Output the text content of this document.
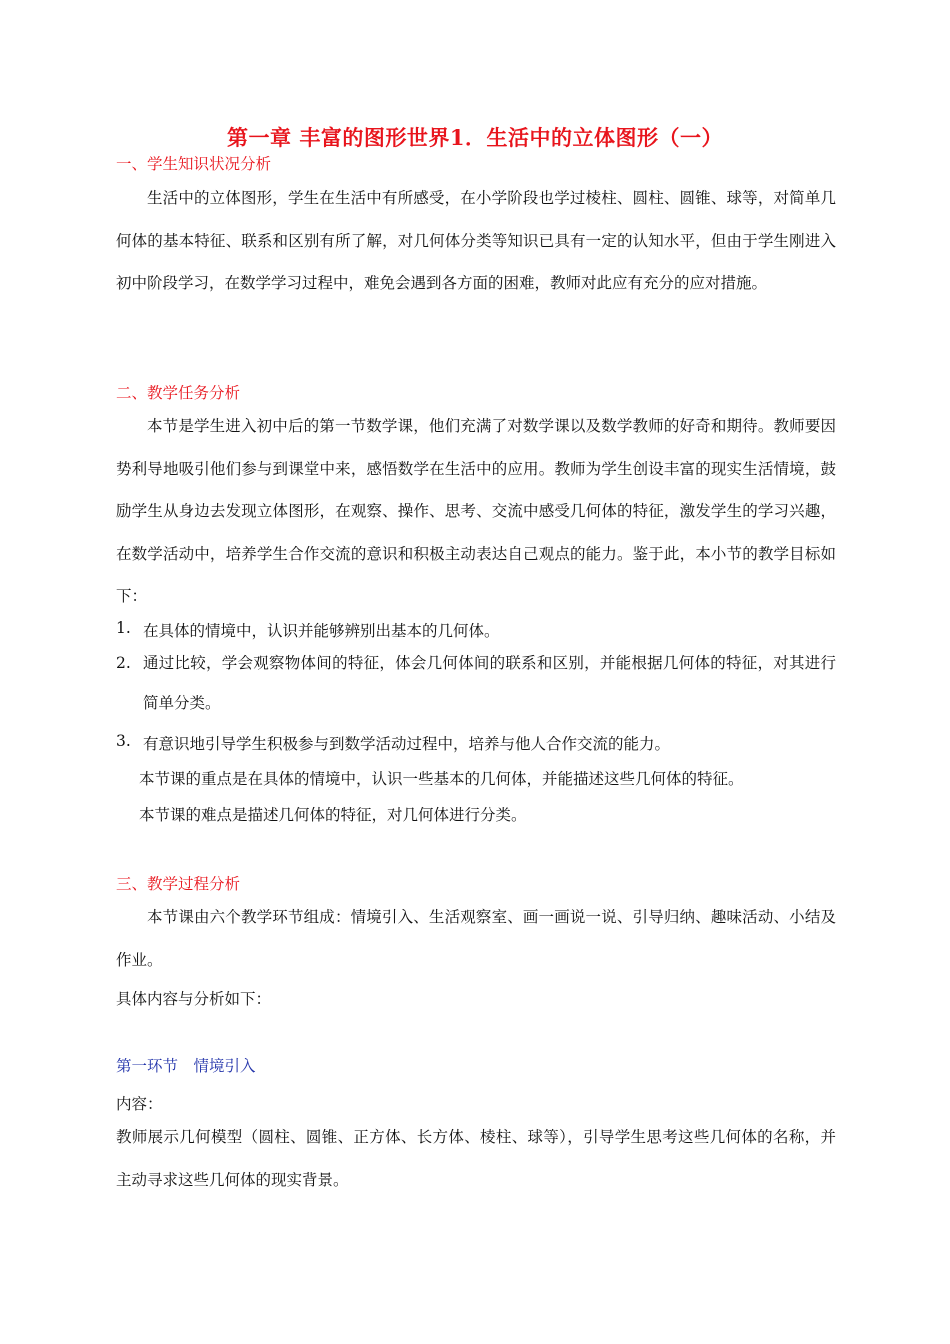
第一章 丰富的图形世界1．生活中的立体图形（一）
一、学生知识状况分析

生活中的立体图形，学生在生活中有所感受，在小学阶段也学过棱柱、圆柱、圆锥、球等，对简单几何体的基本特征、联系和区别有所了解，对几何体分类等知识已具有一定的认知水平，但由于学生刚进入初中阶段学习，在数学学习过程中，难免会遇到各方面的困难，教师对此应有充分的应对措施。

二、教学任务分析

本节是学生进入初中后的第一节数学课，他们充满了对数学课以及数学教师的好奇和期待。教师要因势利导地吸引他们参与到课堂中来，感悟数学在生活中的应用。教师为学生创设丰富的现实生活情境，鼓励学生从身边去发现立体图形，在观察、操作、思考、交流中感受几何体的特征，激发学生的学习兴趣，在数学活动中，培养学生合作交流的意识和积极主动表达自己观点的能力。鉴于此，本小节的教学目标如下：

1. 在具体的情境中，认识并能够辨别出基本的几何体。
2. 通过比较，学会观察物体间的特征，体会几何体间的联系和区别，并能根据几何体的特征，对其进行简单分类。
3. 有意识地引导学生积极参与到数学活动过程中，培养与他人合作交流的能力。
本节课的重点是在具体的情境中，认识一些基本的几何体，并能描述这些几何体的特征。
本节课的难点是描述几何体的特征，对几何体进行分类。
三、教学过程分析

本节课由六个教学环节组成：情境引入、生活观察室、画一画说一说、引导归纳、趣味活动、小结及作业。

具体内容与分析如下：
第一环节　情境引入
内容：

教师展示几何模型（圆柱、圆锥、正方体、长方体、棱柱、球等），引导学生思考这些几何体的名称，并主动寻求这些几何体的现实背景。
